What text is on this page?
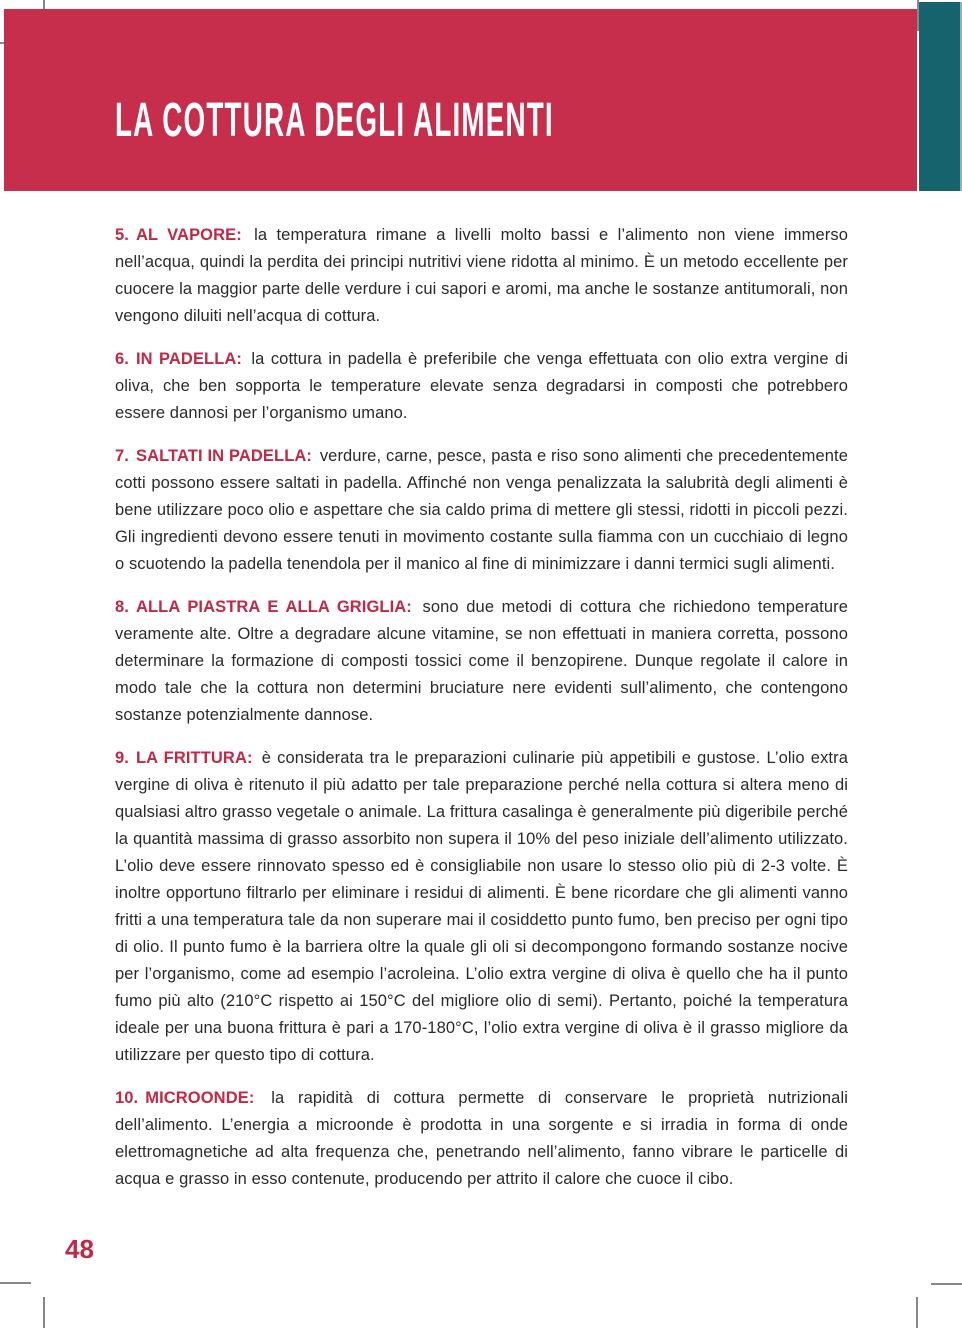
LA COTTURA DEGLI ALIMENTI

5. AL VAPORE: la temperatura rimane a livelli molto bassi e l’alimento non viene immerso nell’acqua, quindi la perdita dei principi nutritivi viene ridotta al minimo. È un metodo eccellente per cuocere la maggior parte delle verdure i cui sapori e aromi, ma anche le sostanze antitumorali, non vengono diluiti nell’acqua di cottura.

6. IN PADELLA: la cottura in padella è preferibile che venga effettuata con olio extra vergine di oliva, che ben sopporta le temperature elevate senza degradarsi in composti che potrebbero essere dannosi per l’organismo umano.

7. SALTATI IN PADELLA: verdure, carne, pesce, pasta e riso sono alimenti che precedentemente cotti possono essere saltati in padella. Affinché non venga penalizzata la salubrità degli alimenti è bene utilizzare poco olio e aspettare che sia caldo prima di mettere gli stessi, ridotti in piccoli pezzi. Gli ingredienti devono essere tenuti in movimento costante sulla fiamma con un cucchiaio di legno o scuotendo la padella tenendola per il manico al fine di minimizzare i danni termici sugli alimenti.

8. ALLA PIASTRA E ALLA GRIGLIA: sono due metodi di cottura che richiedono temperature veramente alte. Oltre a degradare alcune vitamine, se non effettuati in maniera corretta, possono determinare la formazione di composti tossici come il benzopirene. Dunque regolate il calore in modo tale che la cottura non determini bruciature nere evidenti sull’alimento, che contengono sostanze potenzialmente dannose.

9. LA FRITTURA: è considerata tra le preparazioni culinarie più appetibili e gustose. L’olio extra vergine di oliva è ritenuto il più adatto per tale preparazione perché nella cottura si altera meno di qualsiasi altro grasso vegetale o animale. La frittura casalinga è generalmente più digeribile perché la quantità massima di grasso assorbito non supera il 10% del peso iniziale dell’alimento utilizzato. L’olio deve essere rinnovato spesso ed è consigliabile non usare lo stesso olio più di 2-3 volte. È inoltre opportuno filtrarlo per eliminare i residui di alimenti. È bene ricordare che gli alimenti vanno fritti a una temperatura tale da non superare mai il cosiddetto punto fumo, ben preciso per ogni tipo di olio. Il punto fumo è la barriera oltre la quale gli oli si decompongono formando sostanze nocive per l’organismo, come ad esempio l’acroleina. L’olio extra vergine di oliva è quello che ha il punto fumo più alto (210°C rispetto ai 150°C del migliore olio di semi). Pertanto, poiché la temperatura ideale per una buona frittura è pari a 170-180°C, l’olio extra vergine di oliva è il grasso migliore da utilizzare per questo tipo di cottura.

10. MICROONDE: la rapidità di cottura permette di conservare le proprietà nutrizionali dell’alimento. L’energia a microonde è prodotta in una sorgente e si irradia in forma di onde elettromagnetiche ad alta frequenza che, penetrando nell’alimento, fanno vibrare le particelle di acqua e grasso in esso contenute, producendo per attrito il calore che cuoce il cibo.

48
